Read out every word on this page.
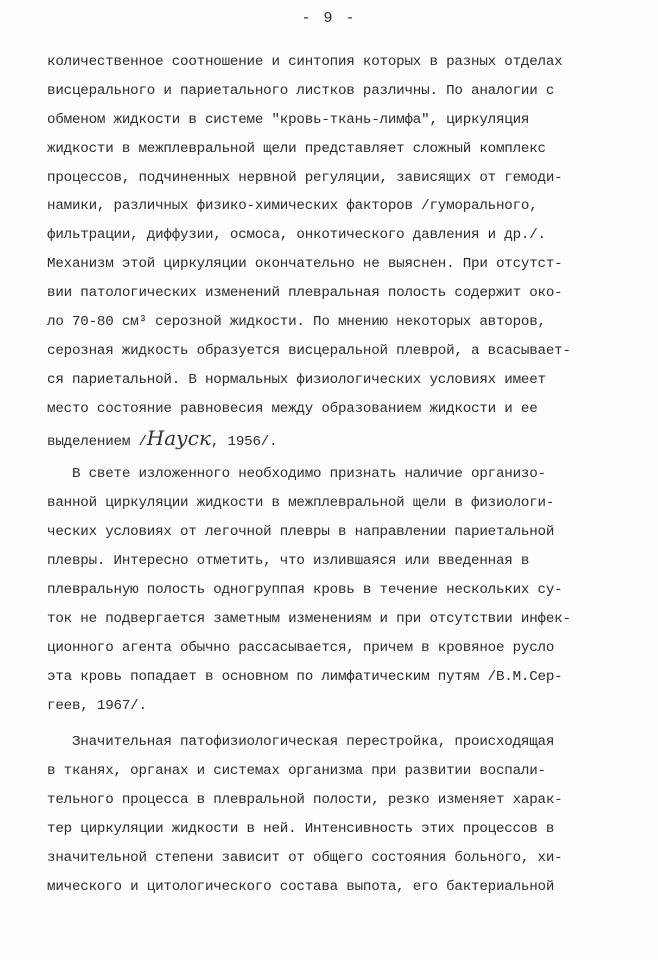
- 9 -
количественное соотношение и синтопия которых в разных отделах
висцерального и париетального листков различны. По аналогии с
обменом жидкости в системе "кровь-ткань-лимфа", циркуляция
жидкости в межплевральной щели представляет сложный комплекс
процессов, подчиненных нервной регуляции, зависящих от гемоди-
намики, различных физико-химических факторов /гуморального,
фильтрации, диффузии, осмоса, онкотического давления и др./.
Механизм этой циркуляции окончательно не выяснен. При отсутст-
вии патологических изменений плевральная полость содержит око-
ло 70-80 см³ серозной жидкости. По мнению некоторых авторов,
серозная жидкость образуется висцеральной плеврой, а всасывает-
ся париетальной. В нормальных физиологических условиях имеет
место состояние равновесия между образованием жидкости и ее
выделением /Науск, 1956/.
В свете изложенного необходимо признать наличие организо-
ванной циркуляции жидкости в межплевральной щели в физиологи-
ческих условиях от легочной плевры в направлении париетальной
плевры. Интересно отметить, что излившаяся или введенная в
плевральную полость одногруппая кровь в течение нескольких су-
ток не подвергается заметным изменениям и при отсутствии инфек-
ционного агента обычно рассасывается, причем в кровяное русло
эта кровь попадает в основном по лимфатическим путям /В.М.Сер-
геев, 1967/.
Значительная патофизиологическая перестройка, происходящая
в тканях, органах и системах организма при развитии воспали-
тельного процесса в плевральной полости, резко изменяет харак-
тер циркуляции жидкости в ней. Интенсивность этих процессов в
значительной степени зависит от общего состояния больного, хи-
мического и цитологического состава выпота, его бактериальной
